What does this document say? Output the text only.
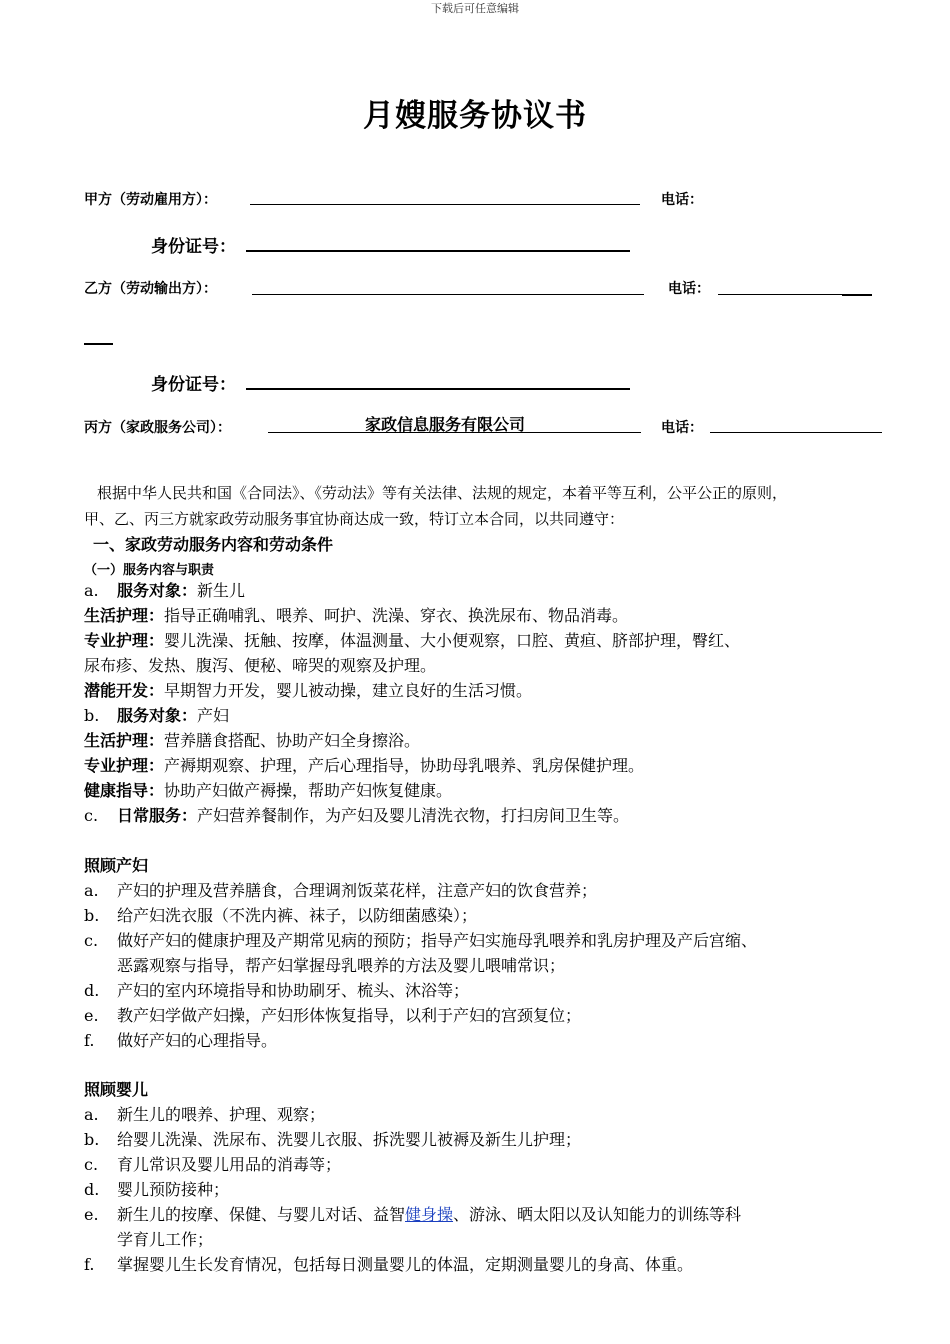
下载后可任意编辑
月嫂服务协议书
甲方（劳动雇用方）：	电话：
身份证号：
乙方（劳动输出方）：	电话：
身份证号：
丙方（家政服务公司）：	家政信息服务有限公司	电话：
根据中华人民共和国《合同法》、《劳动法》等有关法律、法规的规定，本着平等互利，公平公正的原则，
甲、乙、丙三方就家政劳动服务事宜协商达成一致，特订立本合同，以共同遵守：
一、家政劳动服务内容和劳动条件
（一）服务内容与职责
a. 服务对象：新生儿
生活护理：指导正确哺乳、喂养、呵护、洗澡、穿衣、换洗尿布、物品消毒。
专业护理：婴儿洗澡、抚触、按摩，体温测量、大小便观察，口腔、黄疸、脐部护理，臀红、
尿布疹、发热、腹泻、便秘、啼哭的观察及护理。
潜能开发：早期智力开发，婴儿被动操，建立良好的生活习惯。
b. 服务对象：产妇
生活护理：营养膳食搭配、协助产妇全身擦浴。
专业护理：产褥期观察、护理，产后心理指导，协助母乳喂养、乳房保健护理。
健康指导：协助产妇做产褥操，帮助产妇恢复健康。
c. 日常服务：产妇营养餐制作，为产妇及婴儿清洗衣物，打扫房间卫生等。
照顾产妇
a. 产妇的护理及营养膳食，合理调剂饭菜花样，注意产妇的饮食营养；
b. 给产妇洗衣服（不洗内裤、袜子，以防细菌感染）；
c. 做好产妇的健康护理及产期常见病的预防；指导产妇实施母乳喂养和乳房护理及产后宫缩、
恶露观察与指导，帮产妇掌握母乳喂养的方法及婴儿喂哺常识；
d. 产妇的室内环境指导和协助刷牙、梳头、沐浴等；
e. 教产妇学做产妇操，产妇形体恢复指导，以利于产妇的宫颈复位；
f. 做好产妇的心理指导。
照顾婴儿
a. 新生儿的喂养、护理、观察；
b. 给婴儿洗澡、洗尿布、洗婴儿衣服、拆洗婴儿被褥及新生儿护理；
c. 育儿常识及婴儿用品的消毒等；
d. 婴儿预防接种；
e. 新生儿的按摩、保健、与婴儿对话、益智健身操、游泳、晒太阳以及认知能力的训练等科
学育儿工作；
f. 掌握婴儿生长发育情况，包括每日测量婴儿的体温，定期测量婴儿的身高、体重。
